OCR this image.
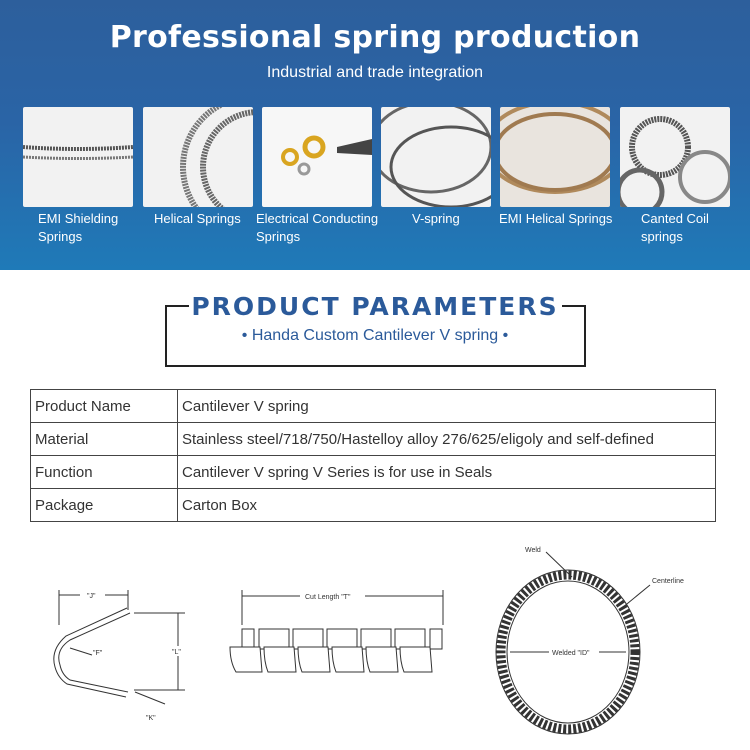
Professional spring production
Industrial and trade integration
EMI Shielding
Springs
Helical Springs Electrical Conducting
Springs
V-spring	EMI Helical Springs Canted Coil
springs
PRODUCT PARAMETERS
• Handa Custom Cantilever V spring •
Product Name	Cantilever V spring
Material	Stainless steel/718/750/Hastelloy alloy 276/625/eligoly and self-defined
Function	Cantilever V spring V Series is for use in Seals
Package	Carton Box
"J"
"F"	"L"
"K"
Cut Length "T"
Welded "ID"
Weld
Centerline
